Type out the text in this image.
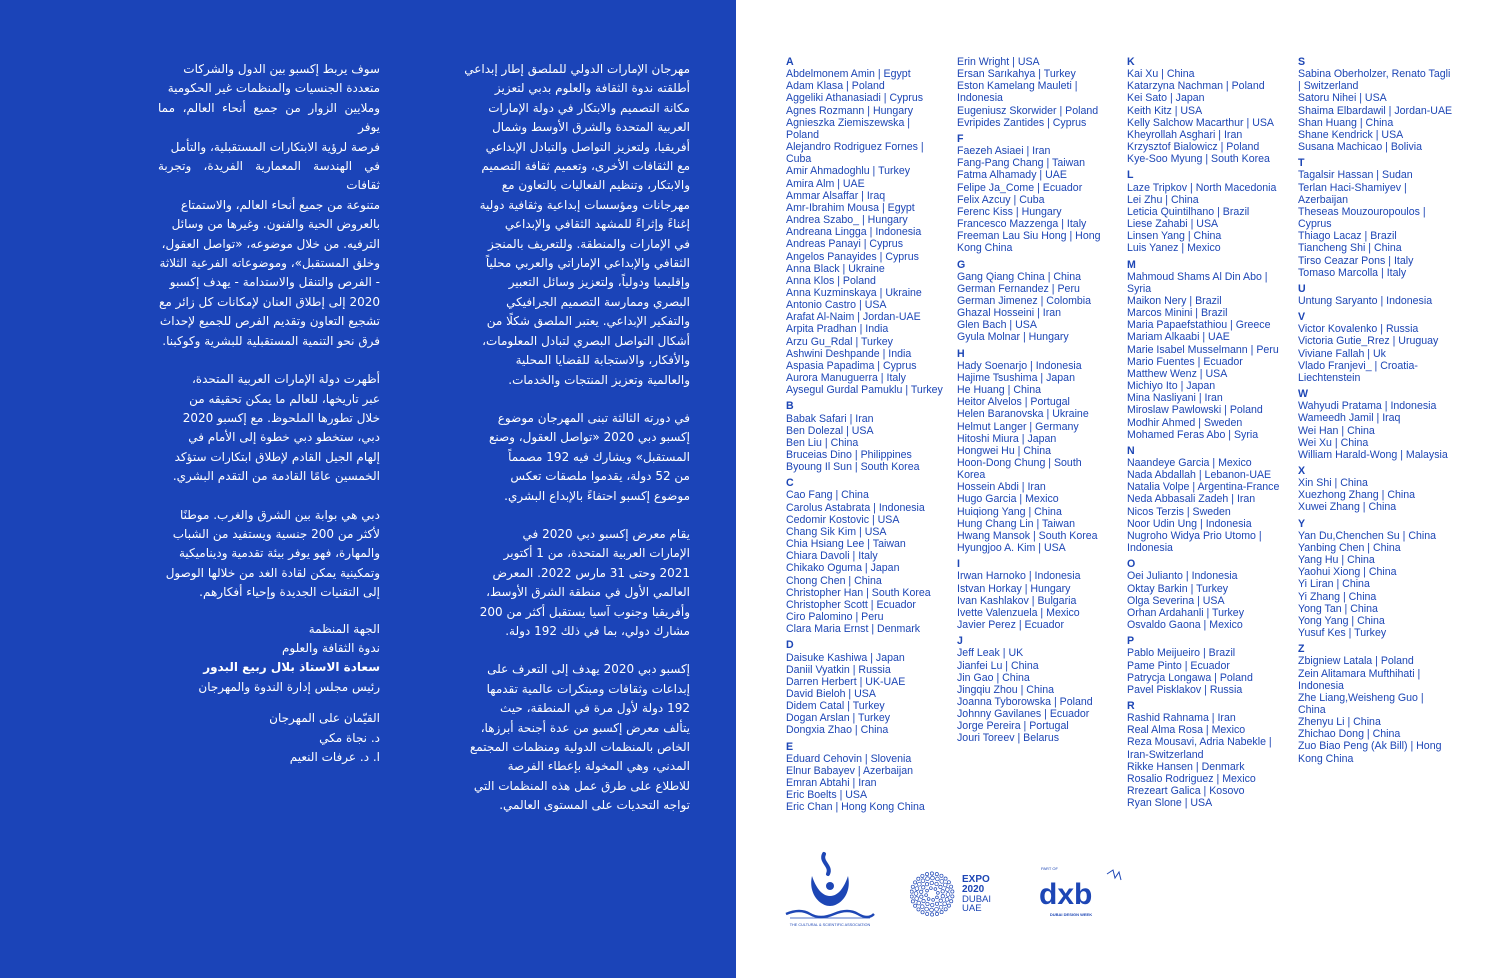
سوف يربط إكسبو بين الدول والشركات
متعددة الجنسيات والمنظمات غير الحكومية
وملايين الزوار من جميع أنحاء العالم، مما يوفر
فرصة لرؤية الابتكارات المستقبلية، والتأمل
في الهندسة المعمارية الفريدة، وتجربة ثقافات
متنوعة من جميع أنحاء العالم، والاستمتاع
بالعروض الحية والفنون. وغيرها من وسائل
الترفيه. من خلال موضوعه، «تواصل العقول،
وخلق المستقبل»، وموضوعاته الفرعية الثلاثة
- الفرص والتنقل والاستدامة - يهدف إكسبو
2020 إلى إطلاق العنان لإمكانات كل زائر مع
تشجيع التعاون وتقديم الفرص للجميع لإحداث
فرق نحو التنمية المستقبلية للبشرية وكوكبنا.

أظهرت دولة الإمارات العربية المتحدة،
عبر تاريخها، للعالم ما يمكن تحقيقه من
خلال تطورها الملحوظ. مع إكسبو 2020
دبي، ستخطو دبي خطوة إلى الأمام في
إلهام الجيل القادم لإطلاق ابتكارات ستؤكد
الخمسين عامًا القادمة من التقدم البشري.

دبي هي بوابة بين الشرق والغرب. موطنًا
لأكثر من 200 جنسية ويستفيد من الشباب
والمهارة، فهو يوفر بيئة تقدمية وديناميكية
وتمكينية يمكن لقادة الغد من خلالها الوصول
إلى التقنيات الجديدة وإحياء أفكارهم.

الجهة المنظمة
ندوة الثقافة والعلوم
سعادة الاستاذ بلال ربيع البدور
رئيس مجلس إدارة الندوة والمهرجان
القيّمان على المهرجان
د. نجاة مكي
ا. د. عرفات النعيم

مهرجان الإمارات الدولي للملصق إطار إبداعي
أطلقته ندوة الثقافة والعلوم بدبي لتعزيز
مكانة التصميم والابتكار في دولة الإمارات
العربية المتحدة والشرق الأوسط وشمال
أفريقيا، ولتعزيز التواصل والتبادل الإبداعي
مع الثقافات الأخرى، وتعميم ثقافة التصميم
والابتكار، وتنظيم الفعاليات بالتعاون مع
مهرجانات ومؤسسات إبداعية وثقافية دولية
إغناءً وإثراءً للمشهد الثقافي والإبداعي
في الإمارات والمنطقة. وللتعريف بالمنجز
الثقافي والإبداعي الإماراتي والعربي محلياً
وإقليميا ودولياً، ولتعزيز وسائل التعبير
البصري وممارسة التصميم الجرافيكي
والتفكير الإبداعي. يعتبر الملصق شكلًا من
أشكال التواصل البصري لتبادل المعلومات،
والأفكار، والاستجابة للقضايا المحلية
والعالمية وتعزيز المنتجات والخدمات.

في دورته الثالثة تبنى المهرجان موضوع
إكسبو دبي 2020 «تواصل العقول، وصنع
المستقبل» ويشارك فيه 192 مصمماً
من 52 دولة، يقدموا ملصقات تعكس
موضوع إكسبو احتفاءً بالإبداع البشري.

يقام معرض إكسبو دبي 2020 في
الإمارات العربية المتحدة، من 1 أكتوبر
2021 وحتى 31 مارس 2022. المعرض
العالمي الأول في منطقة الشرق الأوسط،
وأفريقيا وجنوب آسيا يستقبل أكثر من 200
مشارك دولي، بما في ذلك 192 دولة.

إكسبو دبي 2020 يهدف إلى التعرف على
إبداعات وثقافات ومبتكرات عالمية تقدمها
192 دولة لأول مرة في المنطقة، حيث
يتألف معرض إكسبو من عدة أجنحة أبرزها،
الخاص بالمنظمات الدولية ومنظمات المجتمع
المدني، وهي المخولة بإعطاء الفرصة
للاطلاع على طرق عمل هذه المنظمات التي
تواجه التحديات على المستوى العالمي.

A
Abdelmonem Amin | Egypt
Adam Klasa | Poland
Aggeliki Athanasiadi | Cyprus
Agnes Rozmann | Hungary
Agnieszka Ziemiszewska |
Poland
Alejandro Rodriguez Fornes |
Cuba
Amir Ahmadoghlu | Turkey
Amira Alm | UAE
Ammar Alsaffar | Iraq
Amr-Ibrahim Mousa | Egypt
Andrea Szabo_ | Hungary
Andreana Lingga | Indonesia
Andreas Panayi | Cyprus
Angelos Panayides | Cyprus
Anna Black | Ukraine
Anna Klos | Poland
Anna Kuzminskaya | Ukraine
Antonio Castro | USA
Arafat Al-Naim | Jordan-UAE
Arpita Pradhan | India
Arzu Gu_Rdal | Turkey
Ashwini Deshpande | India
Aspasia Papadima | Cyprus
Aurora Manuguerra | Italy
Aysegul Gurdal Pamuklu | Turkey
B
Babak Safari | Iran
Ben Dolezal | USA
Ben Liu | China
Bruceias Dino | Philippines
Byoung Il Sun | South Korea
C
Cao Fang | China
Carolus Astabrata | Indonesia
Cedomir Kostovic | USA
Chang Sik Kim | USA
Chia Hsiang Lee | Taiwan
Chiara Davoli | Italy
Chikako Oguma | Japan
Chong Chen | China
Christopher Han | South Korea
Christopher Scott | Ecuador
Ciro Palomino | Peru
Clara Maria Ernst | Denmark
D
Daisuke Kashiwa | Japan
Daniil Vyatkin | Russia
Darren Herbert | UK-UAE
David Bieloh | USA
Didem Catal | Turkey
Dogan Arslan | Turkey
Dongxia Zhao | China
E
Eduard Cehovin | Slovenia
Elnur Babayev | Azerbaijan
Emran Abtahi | Iran
Eric Boelts | USA
Eric Chan | Hong Kong China
Erin Wright | USA
Ersan Sarıkahya | Turkey
Eston Kamelang Mauleti |
Indonesia
Eugeniusz Skorwider | Poland
Evripides Zantides | Cyprus
F
Faezeh Asiaei | Iran
Fang-Pang Chang | Taiwan
Fatma Alhamady | UAE
Felipe Ja_Come | Ecuador
Felix Azcuy | Cuba
Ferenc Kiss | Hungary
Francesco Mazzenga | Italy
Freeman Lau Siu Hong | Hong
Kong China
G
Gang Qiang China | China
German Fernandez | Peru
German Jimenez | Colombia
Ghazal Hosseini | Iran
Glen Bach | USA
Gyula Molnar | Hungary
H
Hady Soenarjo | Indonesia
Hajime Tsushima | Japan
He Huang | China
Heitor Alvelos | Portugal
Helen Baranovska | Ukraine
Helmut Langer | Germany
Hitoshi Miura | Japan
Hongwei Hu | China
Hoon-Dong Chung | South
Korea
Hossein Abdi | Iran
Hugo Garcia | Mexico
Huiqiong Yang | China
Hung Chang Lin | Taiwan
Hwang Mansok | South Korea
Hyungjoo A. Kim | USA
I
Irwan Harnoko | Indonesia
Istvan Horkay | Hungary
Ivan Kashlakov | Bulgaria
Ivette Valenzuela | Mexico
Javier Perez | Ecuador
J
Jeff Leak | UK
Jianfei Lu | China
Jin Gao | China
Jingqiu Zhou | China
Joanna Tyborowska | Poland
Johnny Gavilanes | Ecuador
Jorge Pereira | Portugal
Jouri Toreev | Belarus
K
Kai Xu | China
Katarzyna Nachman | Poland
Kei Sato | Japan
Keith Kitz | USA
Kelly Salchow Macarthur | USA
Kheyrollah Asghari | Iran
Krzysztof Bialowicz | Poland
Kye-Soo Myung | South Korea
L
Laze Tripkov | North Macedonia
Lei Zhu | China
Leticia Quintilhano | Brazil
Liese Zahabi | USA
Linsen Yang | China
Luis Yanez | Mexico
M
Mahmoud Shams Al Din Abo |
Syria
Maikon Nery | Brazil
Marcos Minini | Brazil
Maria Papaefstathiou | Greece
Mariam Alkaabi | UAE
Marie Isabel Musselmann | Peru
Mario Fuentes | Ecuador
Matthew Wenz | USA
Michiyo Ito | Japan
Mina Nasliyani | Iran
Miroslaw Pawlowski | Poland
Modhir Ahmed | Sweden
Mohamed Feras Abo | Syria
N
Naandeye Garcia | Mexico
Nada Abdallah | Lebanon-UAE
Natalia Volpe | Argentina-France
Neda Abbasali Zadeh | Iran
Nicos Terzis | Sweden
Noor Udin Ung | Indonesia
Nugroho Widya Prio Utomo |
Indonesia
O
Oei Julianto | Indonesia
Oktay Barkin | Turkey
Olga Severina | USA
Orhan Ardahanli | Turkey
Osvaldo Gaona | Mexico
P
Pablo Meijueiro | Brazil
Pame Pinto | Ecuador
Patrycja Longawa | Poland
Pavel Pisklakov | Russia
R
Rashid Rahnama | Iran
Real Alma Rosa | Mexico
Reza Mousavi, Adria Nabekle |
Iran-Switzerland
Rikke Hansen | Denmark
Rosalio Rodriguez | Mexico
Rrezeart Galica | Kosovo
Ryan Slone | USA
S
Sabina Oberholzer, Renato Tagli
| Switzerland
Satoru Nihei | USA
Shaima Elbardawil | Jordan-UAE
Shan Huang | China
Shane Kendrick | USA
Susana Machicao | Bolivia
T
Tagalsir Hassan | Sudan
Terlan Haci-Shamiyev |
Azerbaijan
Theseas Mouzouropoulos |
Cyprus
Thiago Lacaz | Brazil
Tiancheng Shi | China
Tirso Ceazar Pons | Italy
Tomaso Marcolla | Italy
U
Untung Saryanto | Indonesia
V
Victor Kovalenko | Russia
Victoria Gutie_Rrez | Uruguay
Viviane Fallah | Uk
Vlado Franjevi_ | Croatia-
Liechtenstein
W
Wahyudi Pratama | Indonesia
Wameedh Jamil | Iraq
Wei Han | China
Wei Xu | China
William Harald-Wong | Malaysia
X
Xin Shi | China
Xuezhong Zhang | China
Xuwei Zhang | China
Y
Yan Du,Chenchen Su | China
Yanbing Chen | China
Yang Hu | China
Yaohui Xiong | China
Yi Liran | China
Yi Zhang | China
Yong Tan | China
Yong Yang | China
Yusuf Kes | Turkey
Z
Zbigniew Latala | Poland
Zein Alitamara Mufthihati |
Indonesia
Zhe Liang,Weisheng Guo |
China
Zhenyu Li | China
Zhichao Dong | China
Zuo Biao Peng (Ak Bill) | Hong
Kong China
THE CULTURAL & SCIENTIFIC ASSOCIATION
EXPO
2020
DUBAI
UAE
PART OF
dxb
DUBAI DESIGN WEEK
